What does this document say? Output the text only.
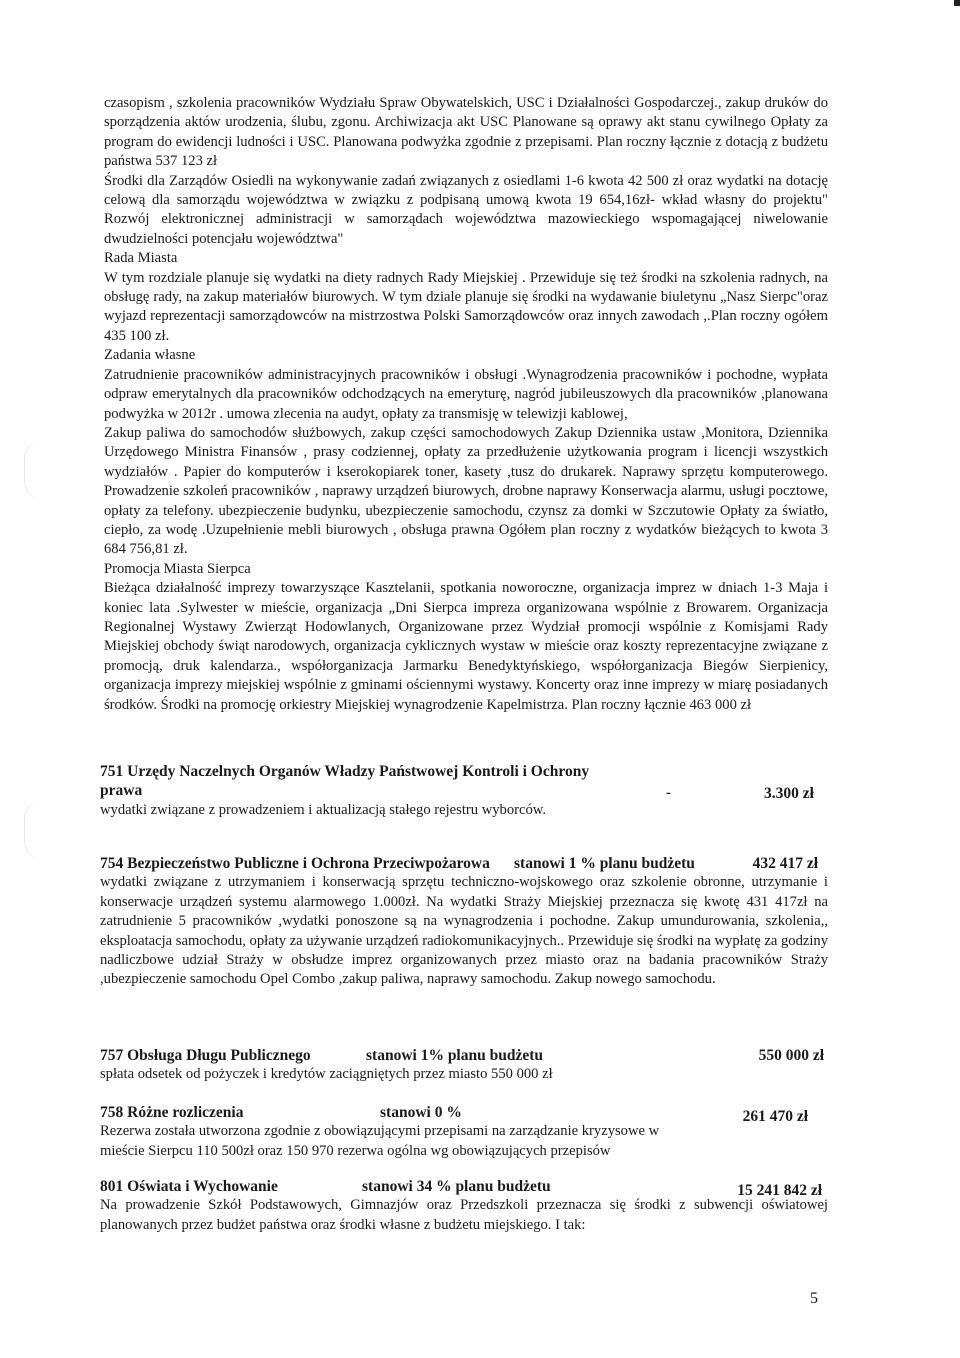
czasopism , szkolenia pracowników Wydziału Spraw Obywatelskich, USC i Działalności Gospodarczej., zakup druków do sporządzenia aktów urodzenia, ślubu, zgonu. Archiwizacja akt USC Planowane są oprawy akt stanu cywilnego Opłaty za program do ewidencji ludności i USC. Planowana podwyżka zgodnie z przepisami. Plan roczny łącznie z dotacją z budżetu państwa 537 123 zł

Środki dla Zarządów Osiedli na wykonywanie zadań związanych z osiedlami 1-6 kwota 42 500 zł oraz wydatki na dotację celową dla samorządu województwa w związku z podpisaną umową kwota 19 654,16zł- wkład własny do projektu" Rozwój elektronicznej administracji w samorządach województwa mazowieckiego wspomagającej niwelowanie dwudzielności potencjału województwa"

Rada Miasta

W tym rozdziale planuje się wydatki na diety radnych Rady Miejskiej . Przewiduje się też środki na szkolenia radnych, na obsługę rady, na zakup materiałów biurowych. W tym dziale planuje się środki na wydawanie biuletynu „Nasz Sierpc"oraz wyjazd reprezentacji samorządowców na mistrzostwa Polski Samorządowców oraz innych zawodach ,.Plan roczny ogółem 435 100 zł.

Zadania własne

Zatrudnienie pracowników administracyjnych pracowników i obsługi .Wynagrodzenia pracowników i pochodne, wypłata odpraw emerytalnych dla pracowników odchodzących na emeryturę, nagród jubileuszowych dla pracowników ,planowana podwyżka w 2012r . umowa zlecenia na audyt, opłaty za transmisję w telewizji kablowej,

Zakup paliwa do samochodów służbowych, zakup części samochodowych Zakup Dziennika ustaw ,Monitora, Dziennika Urzędowego Ministra Finansów , prasy codziennej, opłaty za przedłużenie użytkowania program i licencji wszystkich wydziałów . Papier do komputerów i kserokopiarek toner, kasety ,tusz do drukarek. Naprawy sprzętu komputerowego. Prowadzenie szkoleń pracowników , naprawy urządzeń biurowych, drobne naprawy Konserwacja alarmu, usługi pocztowe, opłaty za telefony. ubezpieczenie budynku, ubezpieczenie samochodu, czynsz za domki w Szczutowie Opłaty za światło, ciepło, za wodę .Uzupełnienie mebli biurowych , obsługa prawna Ogółem plan roczny z wydatków bieżących to kwota 3 684 756,81 zł.

Promocja Miasta Sierpca

Bieżąca działalność imprezy towarzyszące Kasztelanii, spotkania noworoczne, organizacja imprez w dniach 1-3 Maja i koniec lata .Sylwester w mieście, organizacja „Dni Sierpca impreza organizowana wspólnie z Browarem. Organizacja Regionalnej Wystawy Zwierząt Hodowlanych, Organizowane przez Wydział promocji wspólnie z Komisjami Rady Miejskiej obchody świąt narodowych, organizacja cyklicznych wystaw w mieście oraz koszty reprezentacyjne związane z promocją, druk kalendarza., współorganizacja Jarmarku Benedyktyńskiego, współorganizacja Biegów Sierpienicy, organizacja imprezy miejskiej wspólnie z gminami ościennymi wystawy. Koncerty oraz inne imprezy w miarę posiadanych środków. Środki na promocję orkiestry Miejskiej wynagrodzenie Kapelmistrza. Plan roczny łącznie 463 000 zł

751 Urzędy Naczelnych Organów Władzy Państwowej Kontroli i Ochrony prawa	-	3.300 zł

wydatki związane z prowadzeniem i aktualizacją stałego rejestru wyborców.

754 Bezpieczeństwo Publiczne i Ochrona Przeciwpożarowa stanowi 1 % planu budżetu	432 417 zł

wydatki związane z utrzymaniem i konserwacją sprzętu techniczno-wojskowego oraz szkolenie obronne, utrzymanie i konserwacje urządzeń systemu alarmowego 1.000zł. Na wydatki Straży Miejskiej przeznacza się kwotę 431 417zł na zatrudnienie 5 pracowników ,wydatki ponoszone są na wynagrodzenia i pochodne. Zakup umundurowania, szkolenia,, eksploatacja samochodu, opłaty za używanie urządzeń radiokomunikacyjnych.. Przewiduje się środki na wypłatę za godziny nadliczbowe udział Straży w obsłudze imprez organizowanych przez miasto oraz na badania pracowników Straży ,ubezpieczenie samochodu Opel Combo ,zakup paliwa, naprawy samochodu. Zakup nowego samochodu.

757 Obsługa Długu Publicznego	stanowi 1% planu budżetu	550 000 zł

spłata odsetek od pożyczek i kredytów zaciągniętych przez miasto 550 000 zł

758 Różne rozliczenia	stanowi 0 %	261 470 zł

Rezerwa została utworzona zgodnie z obowiązującymi przepisami na zarządzanie kryzysowe w mieście Sierpcu 110 500zł oraz 150 970 rezerwa ogólna wg obowiązujących przepisów

801 Oświata i Wychowanie	stanowi 34 % planu budżetu	15 241 842 zł

Na prowadzenie Szkół Podstawowych, Gimnazjów oraz Przedszkoli przeznacza się środki z subwencji oświatowej planowanych przez budżet państwa oraz środki własne z budżetu miejskiego. I tak:

5
